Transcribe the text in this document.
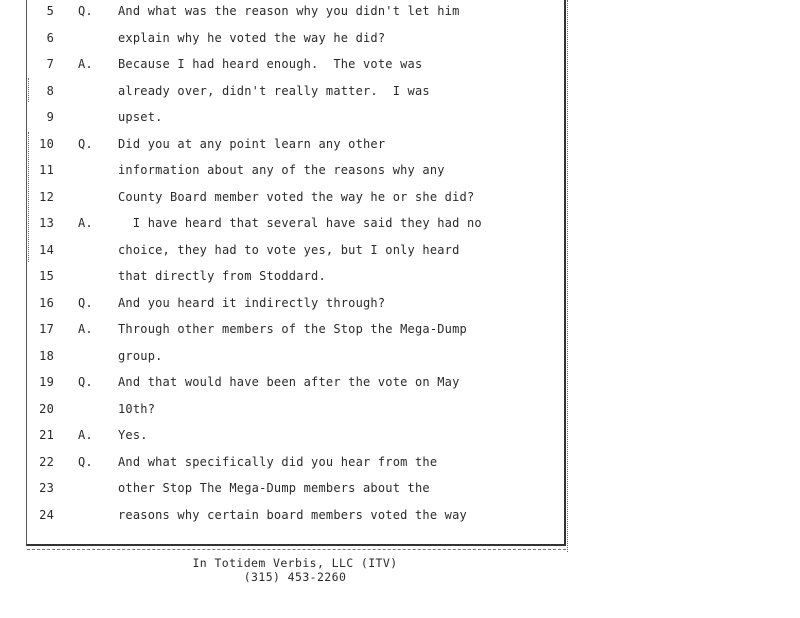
5 Q. And what was the reason why you didn't let him
6	explain why he voted the way he did?
7 A. Because I had heard enough.  The vote was
8	already over, didn't really matter.  I was
9	upset.
10 Q. Did you at any point learn any other
11	information about any of the reasons why any
12	County Board member voted the way he or she did?
13 A. I have heard that several have said they had no
14	choice, they had to vote yes, but I only heard
15	that directly from Stoddard.
16 Q. And you heard it indirectly through?
17 A. Through other members of the Stop the Mega-Dump
18	group.
19 Q. And that would have been after the vote on May
20	10th?
21 A. Yes.
22 Q. And what specifically did you hear from the
23	other Stop The Mega-Dump members about the
24	reasons why certain board members voted the way
In Totidem Verbis, LLC (ITV)
(315) 453-2260
